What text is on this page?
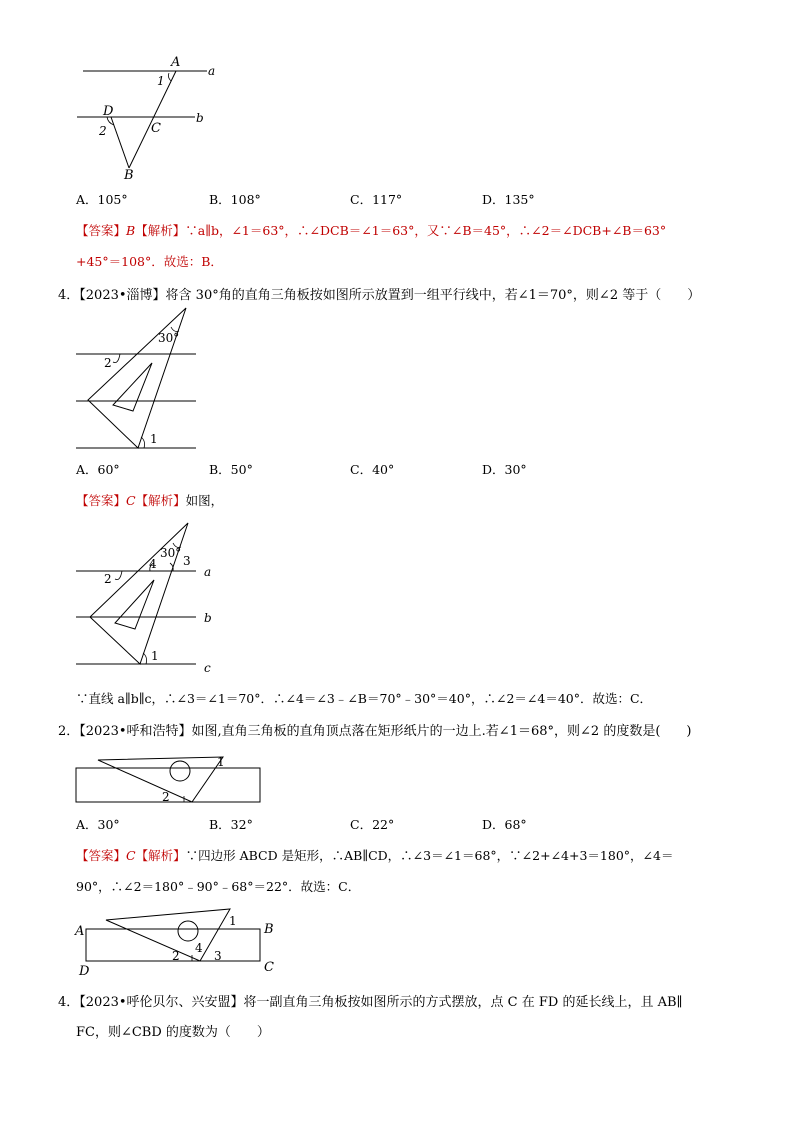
A
a
1
D
2	C
b
B
A．105°	B．108°	C．117°	D．135°
【答案】B【解析】∵a∥b，∠1＝63°，∴∠DCB＝∠1＝63°，又∵∠B＝45°，∴∠2＝∠DCB+∠B＝63°
+45°＝108°．故选：B．
4．【2023•淄博】将含 30°角的直角三角板按如图所示放置到一组平行线中，若∠1＝70°，则∠2 等于（　　）
30°
2
1
A．60°	B．50°	C．40°	D．30°
【答案】C【解析】如图，
30°
4 3
2
1
a
b
c
∵直线 a∥b∥c，∴∠3＝∠1＝70°．∴∠4＝∠3﹣∠B＝70°﹣30°＝40°，∴∠2＝∠4＝40°．故选：C．
2．【2023•呼和浩特】如图,直角三角板的直角顶点落在矩形纸片的一边上.若∠1＝68°，则∠2 的度数是(　　)
1
2
A．30°	B．32°	C．22°	D．68°
【答案】C【解析】∵四边形 ABCD 是矩形，∴AB∥CD，∴∠3＝∠1＝68°，∵∠2+∠4+3＝180°，∠4＝
90°，∴∠2＝180°﹣90°﹣68°＝22°．故选：C．
A	B
C
D
1
2	3
4
4．【2023•呼伦贝尔、兴安盟】将一副直角三角板按如图所示的方式摆放，点 C 在 FD 的延长线上，且 AB∥
FC，则∠CBD 的度数为（　　）
